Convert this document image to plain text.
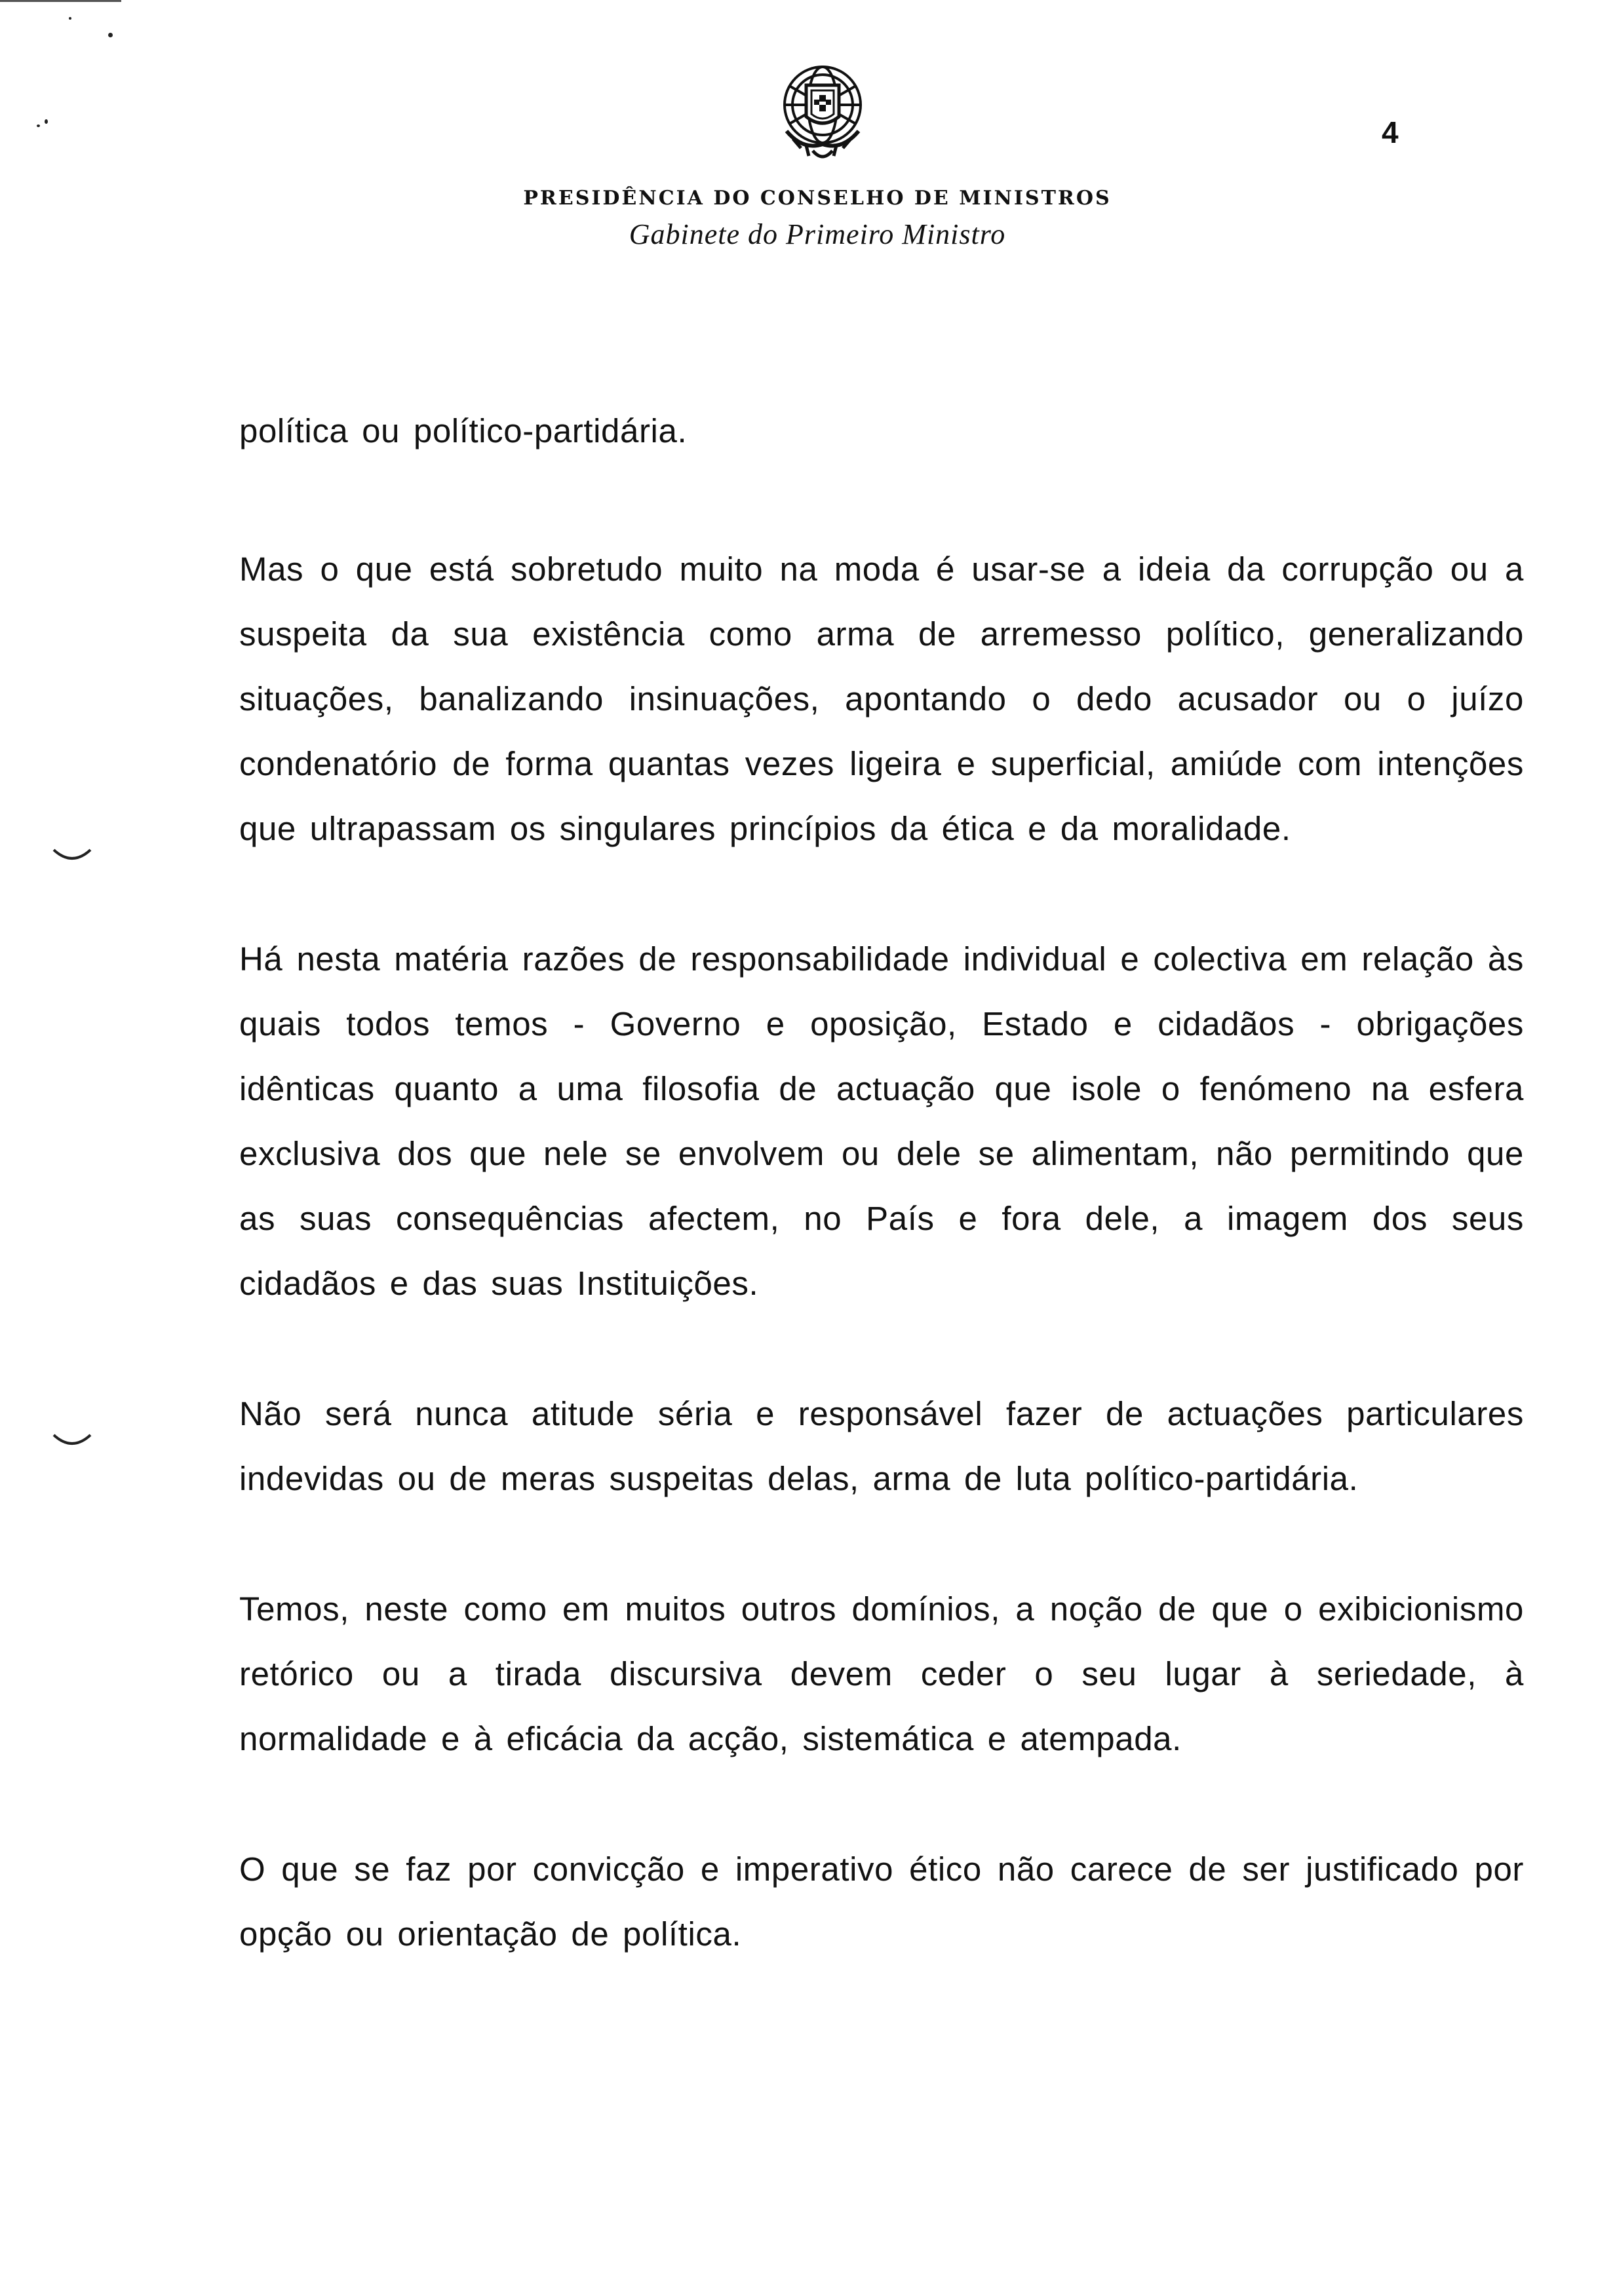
4
PRESIDÊNCIA DO CONSELHO DE MINISTROS
Gabinete do Primeiro Ministro

política ou político-partidária.

Mas o que está sobretudo muito na moda é usar-se a ideia da corrupção ou a suspeita da sua existência como arma de arremesso político, generalizando situações, banalizando insinuações, apontando o dedo acusador ou o juízo condenatório de forma quantas vezes ligeira e superficial, amiúde com intenções que ultrapassam os singulares princípios da ética e da moralidade.

Há nesta matéria razões de responsabilidade individual e colectiva em relação às quais todos temos - Governo e oposição, Estado e cidadãos - obrigações idênticas quanto a uma filosofia de actuação que isole o fenómeno na esfera exclusiva dos que nele se envolvem ou dele se alimentam, não permitindo que as suas consequências afectem, no País e fora dele, a imagem dos seus cidadãos e das suas Instituições.

Não será nunca atitude séria e responsável fazer de actuações particulares indevidas ou de meras suspeitas delas, arma de luta político-partidária.

Temos, neste como em muitos outros domínios, a noção de que o exibicionismo retórico ou a tirada discursiva devem ceder o seu lugar à seriedade, à normalidade e à eficácia da acção, sistemática e atempada.

O que se faz por convicção e imperativo ético não carece de ser justificado por opção ou orientação de política.
